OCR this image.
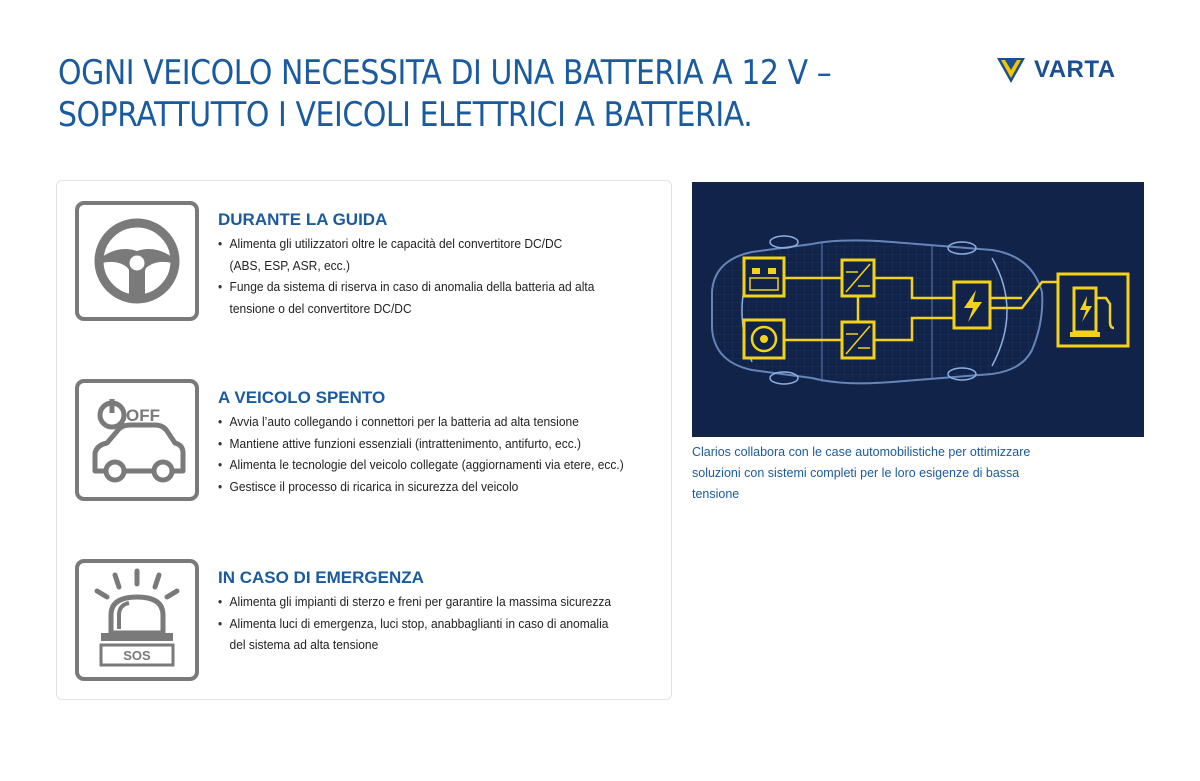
OGNI VEICOLO NECESSITA DI UNA BATTERIA A 12 V –
SOPRATTUTTO I VEICOLI ELETTRICI A BATTERIA.
VARTA
DURANTE LA GUIDA
• Alimenta gli utilizzatori oltre le capacità del convertitore DC/DC
(ABS, ESP, ASR, ecc.)
• Funge da sistema di riserva in caso di anomalia della batteria ad alta
tensione o del convertitore DC/DC
OFF
A VEICOLO SPENTO
• Avvia l’auto collegando i connettori per la batteria ad alta tensione
• Mantiene attive funzioni essenziali (intrattenimento, antifurto, ecc.)
• Alimenta le tecnologie del veicolo collegate (aggiornamenti via etere, ecc.)
• Gestisce il processo di ricarica in sicurezza del veicolo
SOS
IN CASO DI EMERGENZA
• Alimenta gli impianti di sterzo e freni per garantire la massima sicurezza
• Alimenta luci di emergenza, luci stop, anabbaglianti in caso di anomalia
del sistema ad alta tensione
Clarios collabora con le case automobilistiche per ottimizzare soluzioni con sistemi completi per le loro esigenze di bassa tensione
